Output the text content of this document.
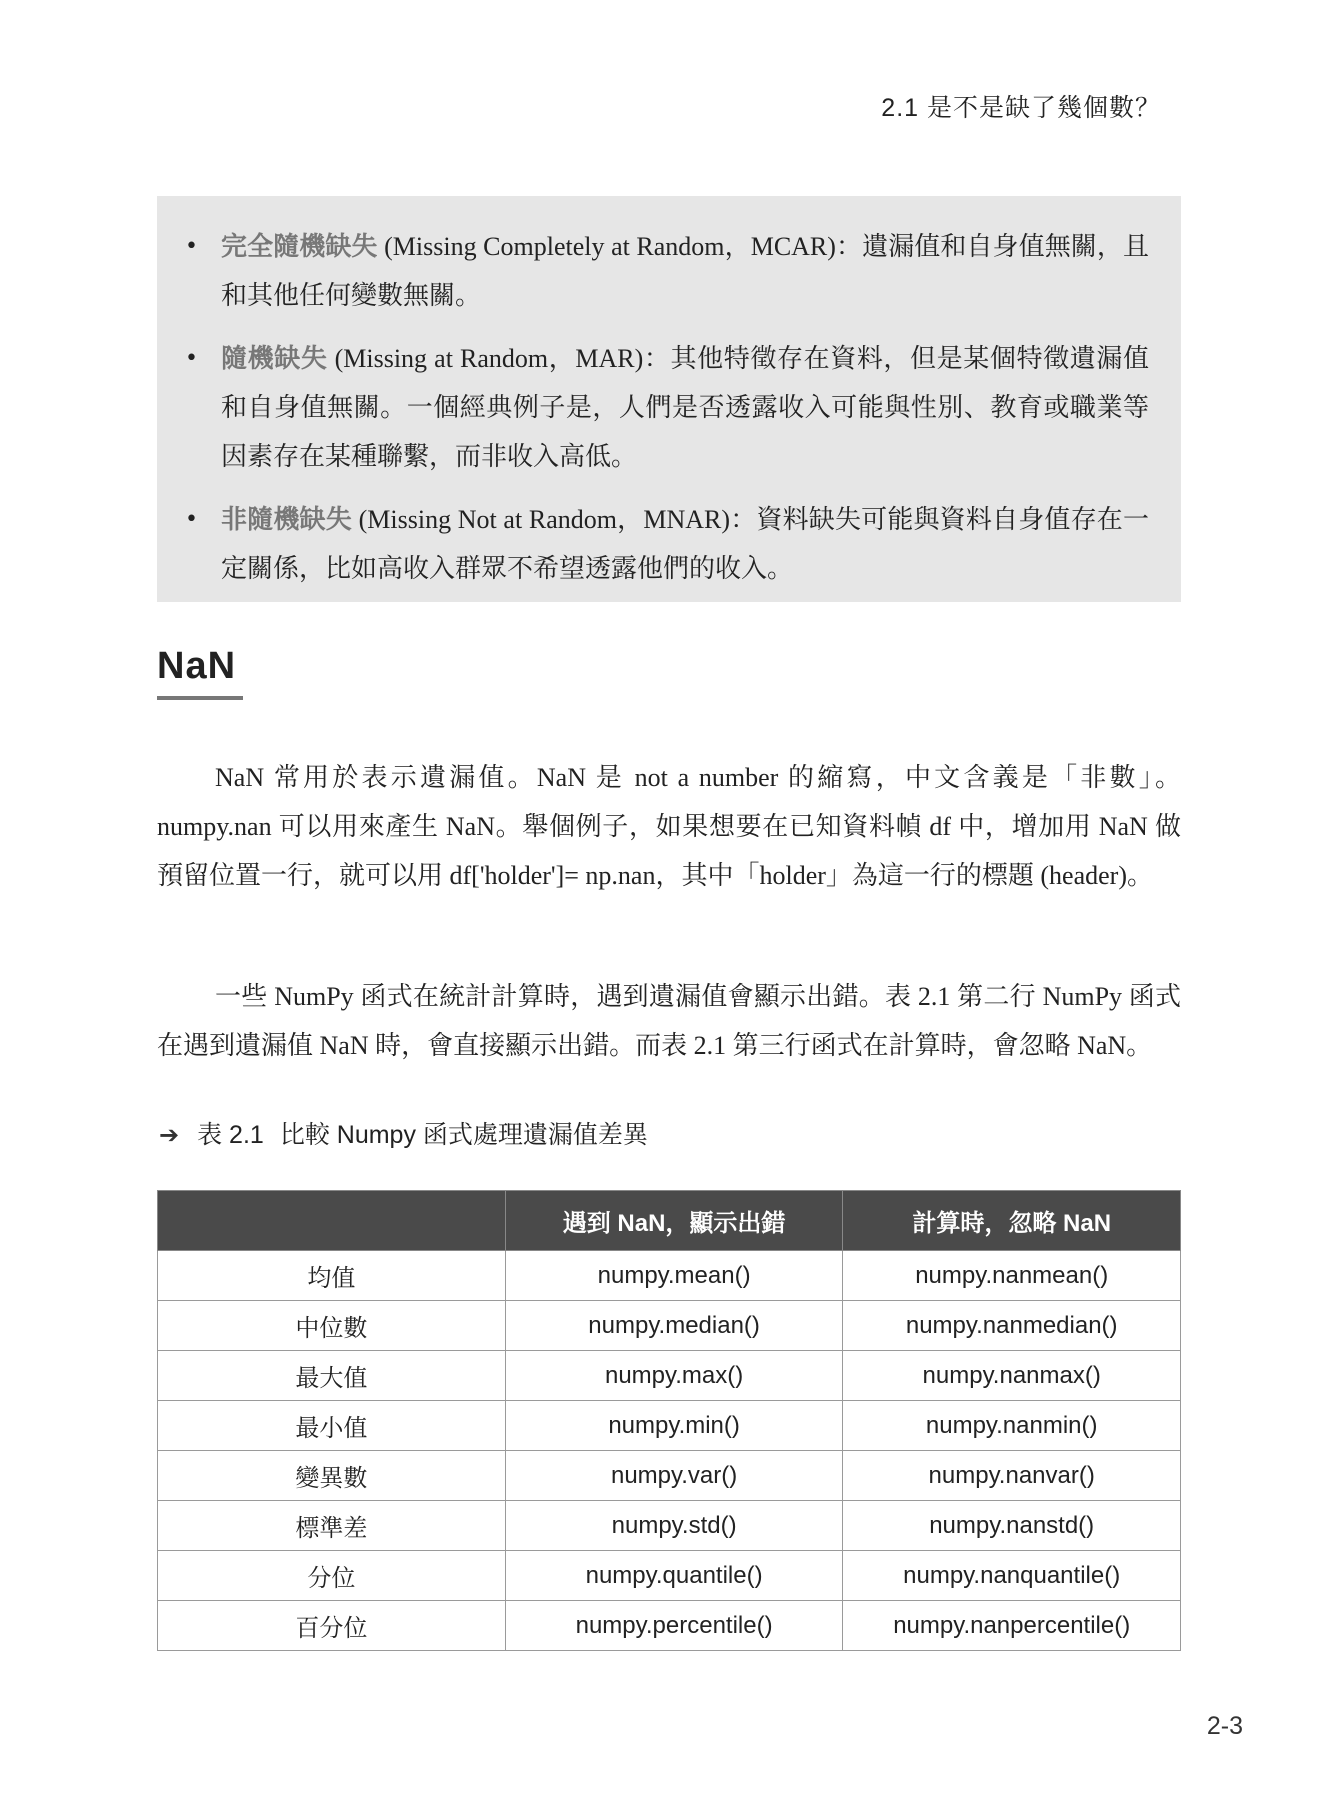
2.1 是不是缺了幾個數？
• 完全隨機缺失 (Missing Completely at Random，MCAR)：遺漏值和自身值無關，且和其他任何變數無關。
• 隨機缺失 (Missing at Random，MAR)：其他特徵存在資料，但是某個特徵遺漏值和自身值無關。一個經典例子是，人們是否透露收入可能與性別、教育或職業等因素存在某種聯繫，而非收入高低。
• 非隨機缺失 (Missing Not at Random，MNAR)：資料缺失可能與資料自身值存在一定關係，比如高收入群眾不希望透露他們的收入。
NaN

NaN 常用於表示遺漏值。NaN 是 not a number 的縮寫，中文含義是「非數」。numpy.nan 可以用來產生 NaN。舉個例子，如果想要在已知資料幀 df 中，增加用 NaN 做預留位置一行，就可以用 df['holder']= np.nan，其中「holder」為這一行的標題 (header)。

一些 NumPy 函式在統計計算時，遇到遺漏值會顯示出錯。表 2.1 第二行 NumPy 函式在遇到遺漏值 NaN 時，會直接顯示出錯。而表 2.1 第三行函式在計算時，會忽略 NaN。

➔ 表 2.1 比較 Numpy 函式處理遺漏值差異
	遇到 NaN，顯示出錯	計算時，忽略 NaN
均值	numpy.mean()	numpy.nanmean()
中位數	numpy.median()	numpy.nanmedian()
最大值	numpy.max()	numpy.nanmax()
最小值	numpy.min()	numpy.nanmin()
變異數	numpy.var()	numpy.nanvar()
標準差	numpy.std()	numpy.nanstd()
分位	numpy.quantile()	numpy.nanquantile()
百分位	numpy.percentile()	numpy.nanpercentile()
2-3
